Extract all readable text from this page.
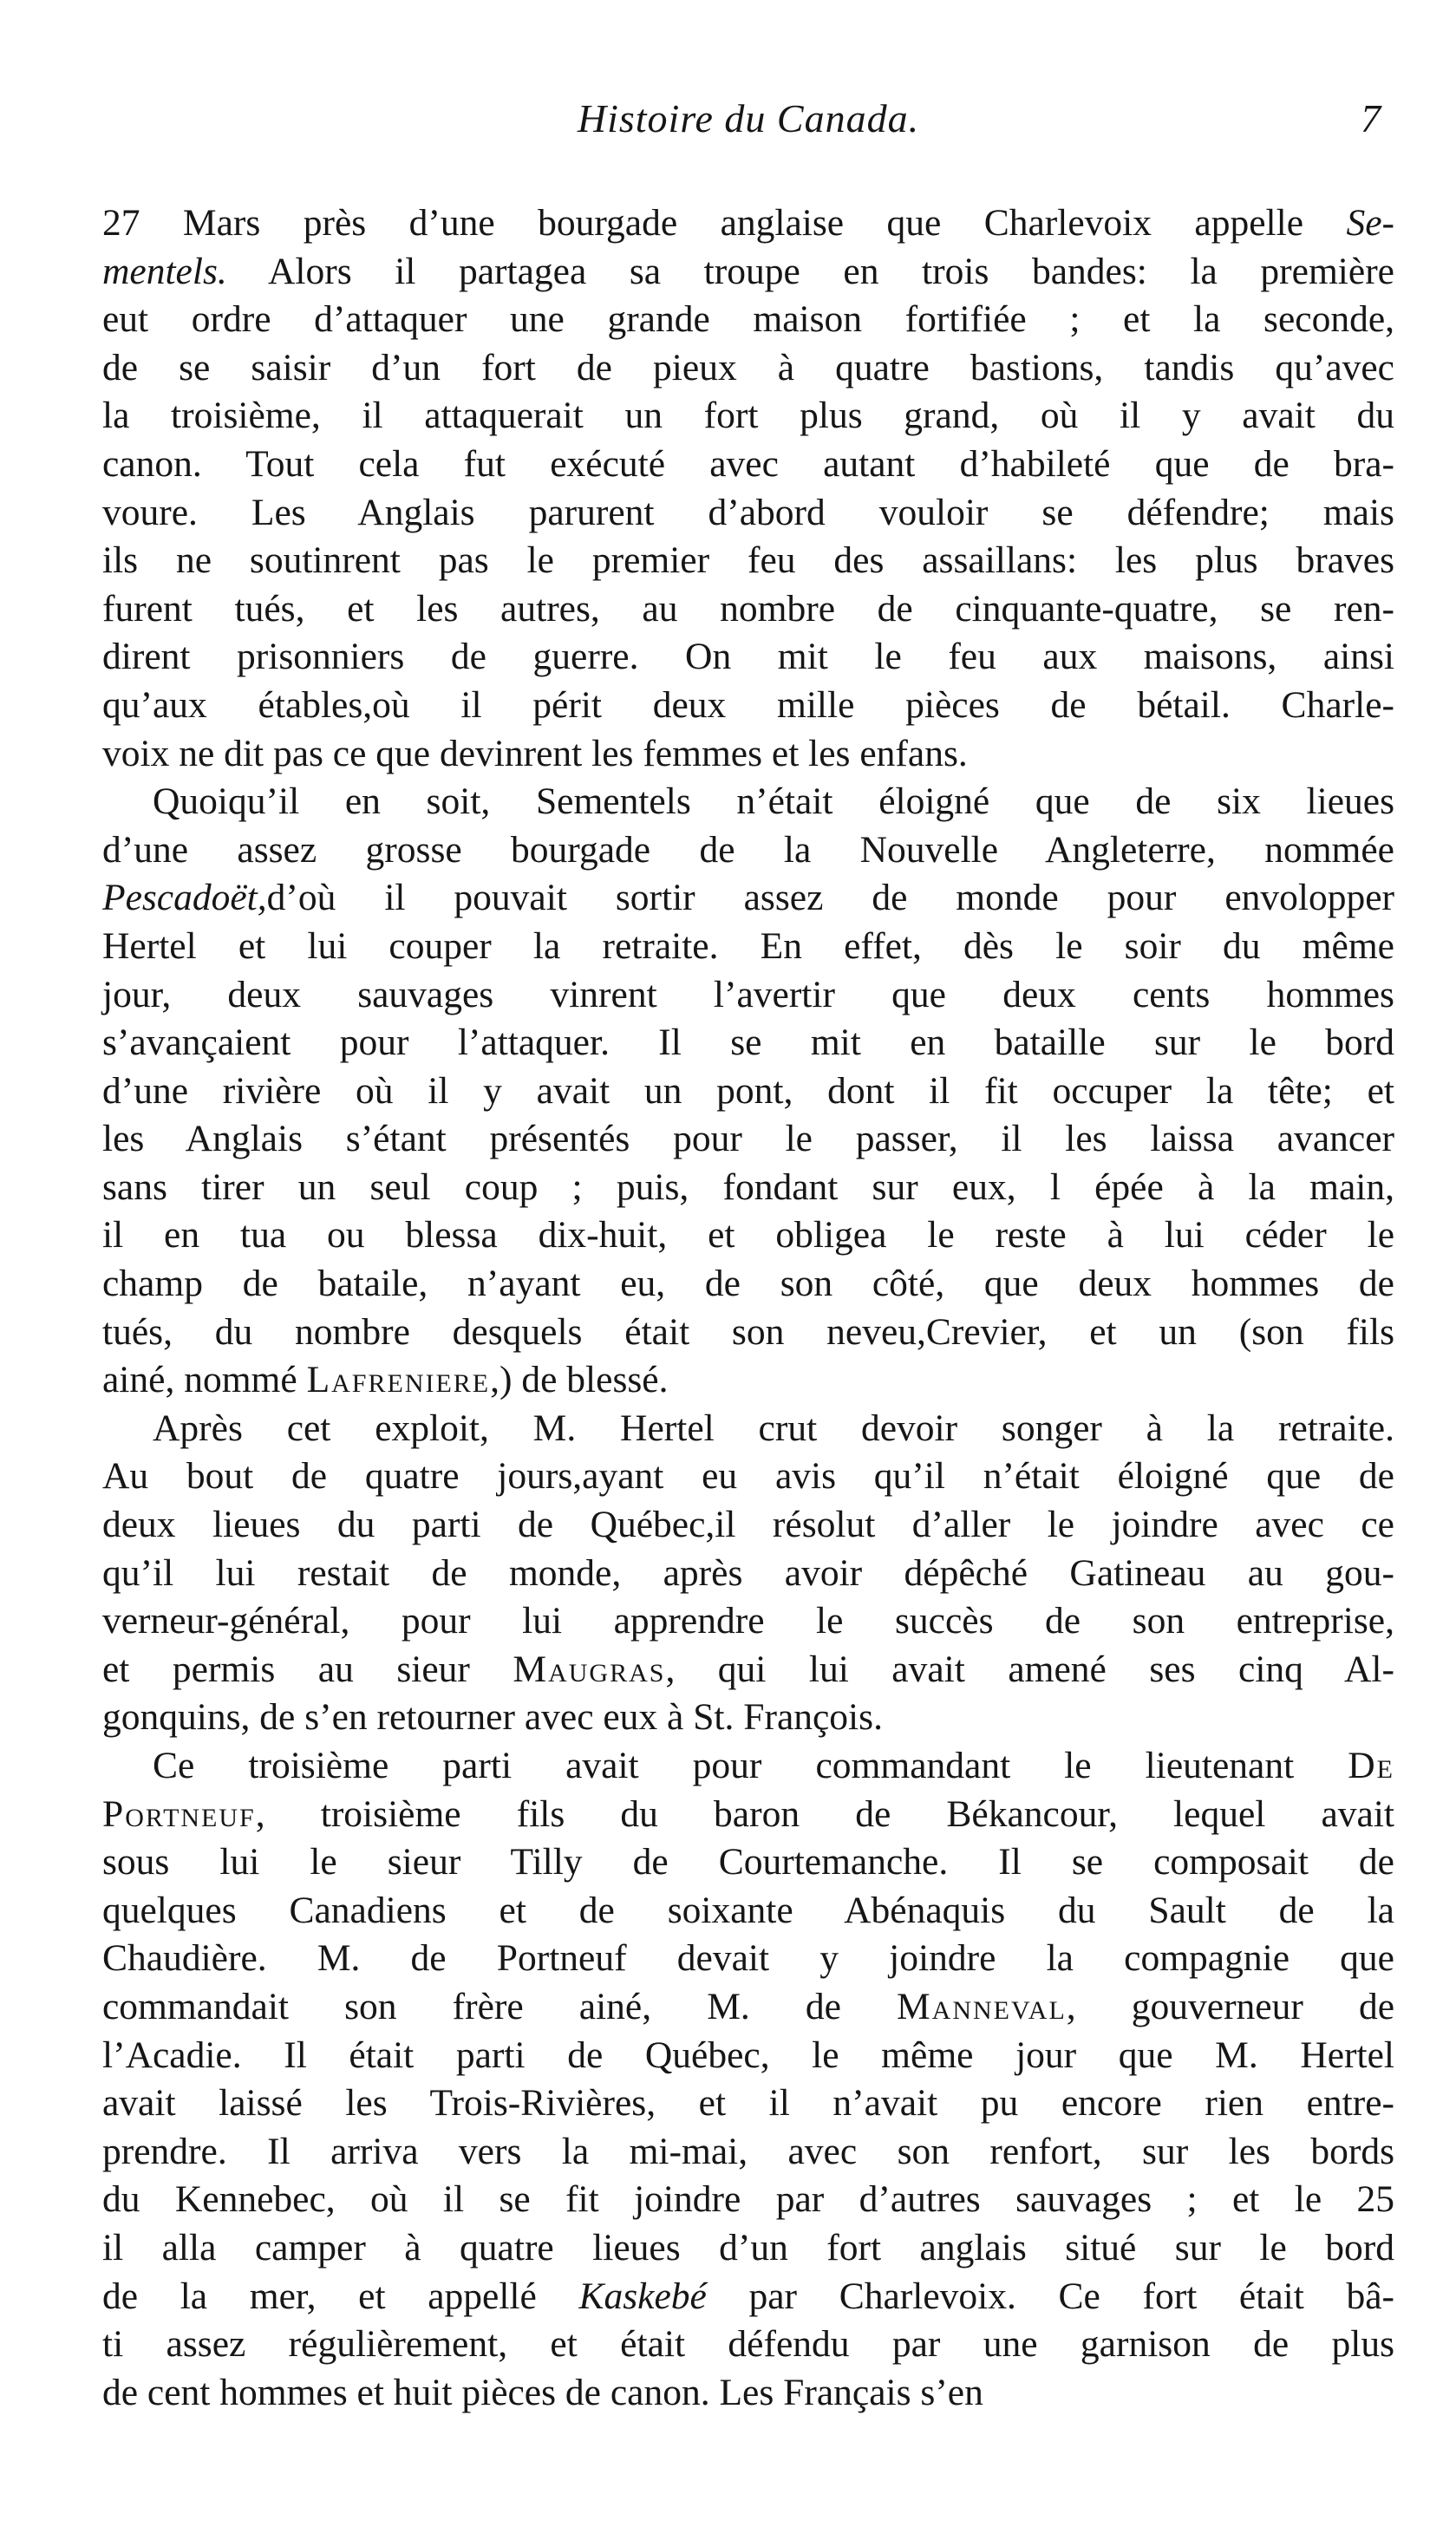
Histoire du Canada.	7
27 Mars près d’une bourgade anglaise que Charlevoix appelle Se-
mentels. Alors il partagea sa troupe en trois bandes: la première
eut ordre d’attaquer une grande maison fortifiée ; et la seconde,
de se saisir d’un fort de pieux à quatre bastions, tandis qu’avec
la troisième, il attaquerait un fort plus grand, où il y avait du
canon. Tout cela fut exécuté avec autant d’habileté que de bra-
voure. Les Anglais parurent d’abord vouloir se défendre; mais
ils ne soutinrent pas le premier feu des assaillans: les plus braves
furent tués, et les autres, au nombre de cinquante-quatre, se ren-
dirent prisonniers de guerre. On mit le feu aux maisons, ainsi
qu’aux étables,où il périt deux mille pièces de bétail. Charle-
voix ne dit pas ce que devinrent les femmes et les enfans.
Quoiqu’il en soit, Sementels n’était éloigné que de six lieues
d’une assez grosse bourgade de la Nouvelle Angleterre, nommée
Pescadoët,d’où il pouvait sortir assez de monde pour envolopper
Hertel et lui couper la retraite. En effet, dès le soir du même
jour, deux sauvages vinrent l’avertir que deux cents hommes
s’avançaient pour l’attaquer. Il se mit en bataille sur le bord
d’une rivière où il y avait un pont, dont il fit occuper la tête; et
les Anglais s’étant présentés pour le passer, il les laissa avancer
sans tirer un seul coup ; puis, fondant sur eux, l épée à la main,
il en tua ou blessa dix-huit, et obligea le reste à lui céder le
champ de bataile, n’ayant eu, de son côté, que deux hommes de
tués, du nombre desquels était son neveu,Crevier, et un (son fils
ainé, nommé Lafreniere,) de blessé.
Après cet exploit, M. Hertel crut devoir songer à la retraite.
Au bout de quatre jours,ayant eu avis qu’il n’était éloigné que de
deux lieues du parti de Québec,il résolut d’aller le joindre avec ce
qu’il lui restait de monde, après avoir dépêché Gatineau au gou-
verneur-général, pour lui apprendre le succès de son entreprise,
et permis au sieur Maugras, qui lui avait amené ses cinq Al-
gonquins, de s’en retourner avec eux à St. François.
Ce troisième parti avait pour commandant le lieutenant De
Portneuf, troisième fils du baron de Békancour, lequel avait
sous lui le sieur Tilly de Courtemanche. Il se composait de
quelques Canadiens et de soixante Abénaquis du Sault de la
Chaudière. M. de Portneuf devait y joindre la compagnie que
commandait son frère ainé, M. de Manneval, gouverneur de
l’Acadie. Il était parti de Québec, le même jour que M. Hertel
avait laissé les Trois-Rivières, et il n’avait pu encore rien entre-
prendre. Il arriva vers la mi-mai, avec son renfort, sur les bords
du Kennebec, où il se fit joindre par d’autres sauvages ; et le 25
il alla camper à quatre lieues d’un fort anglais situé sur le bord
de la mer, et appellé Kaskebé par Charlevoix. Ce fort était bâ-
ti assez régulièrement, et était défendu par une garnison de plus
de cent hommes et huit pièces de canon. Les Français s’en
